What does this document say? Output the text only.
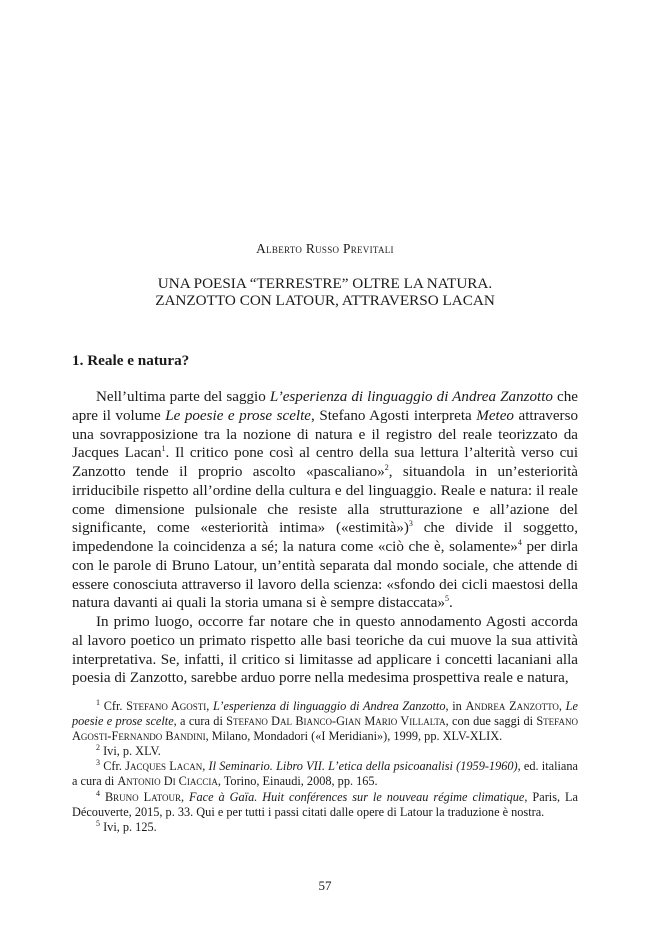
Alberto Russo Previtali
UNA POESIA “TERRESTRE” OLTRE LA NATURA.
ZANZOTTO CON LATOUR, ATTRAVERSO LACAN
1. Reale e natura?

Nell’ultima parte del saggio L’esperienza di linguaggio di Andrea Zanzotto che apre il volume Le poesie e prose scelte, Stefano Agosti interpreta Meteo attraverso una sovrapposizione tra la nozione di natura e il registro del reale teorizzato da Jacques Lacan$^1$. Il critico pone così al centro della sua lettura l’alterità verso cui Zanzotto tende il proprio ascolto «pascaliano»$^2$, situandola in un’esteriorità irriducibile rispetto all’ordine della cultura e del linguaggio. Reale e natura: il reale come dimensione pulsionale che resiste alla strutturazione e all’azione del significante, come «esteriorità intima» («estimità»)$^3$ che divide il soggetto, impedendone la coincidenza a sé; la natura come «ciò che è, solamente»$^4$ per dirla con le parole di Bruno Latour, un’entità separata dal mondo sociale, che attende di essere conosciuta attraverso il lavoro della scienza: «sfondo dei cicli maestosi della natura davanti ai quali la storia umana si è sempre distaccata»$^5$.

In primo luogo, occorre far notare che in questo annodamento Agosti accorda al lavoro poetico un primato rispetto alle basi teoriche da cui muove la sua attività interpretativa. Se, infatti, il critico si limitasse ad applicare i concetti lacaniani alla poesia di Zanzotto, sarebbe arduo porre nella medesima prospettiva reale e natura,

$^1$ Cfr. Stefano Agosti, L’esperienza di linguaggio di Andrea Zanzotto, in Andrea Zanzotto, Le poesie e prose scelte, a cura di Stefano Dal Bianco-Gian Mario Villalta, con due saggi di Stefano Agosti-Fernando Bandini, Milano, Mondadori («I Meridiani»), 1999, pp. XLV-XLIX.

$^2$ Ivi, p. XLV.

$^3$ Cfr. Jacques Lacan, Il Seminario. Libro VII. L’etica della psicoanalisi (1959-1960), ed. italiana a cura di Antonio Di Ciaccia, Torino, Einaudi, 2008, pp. 165.

$^4$ Bruno Latour, Face à Gaïa. Huit conférences sur le nouveau régime climatique, Paris, La Découverte, 2015, p. 33. Qui e per tutti i passi citati dalle opere di Latour la traduzione è nostra.

$^5$ Ivi, p. 125.

57
